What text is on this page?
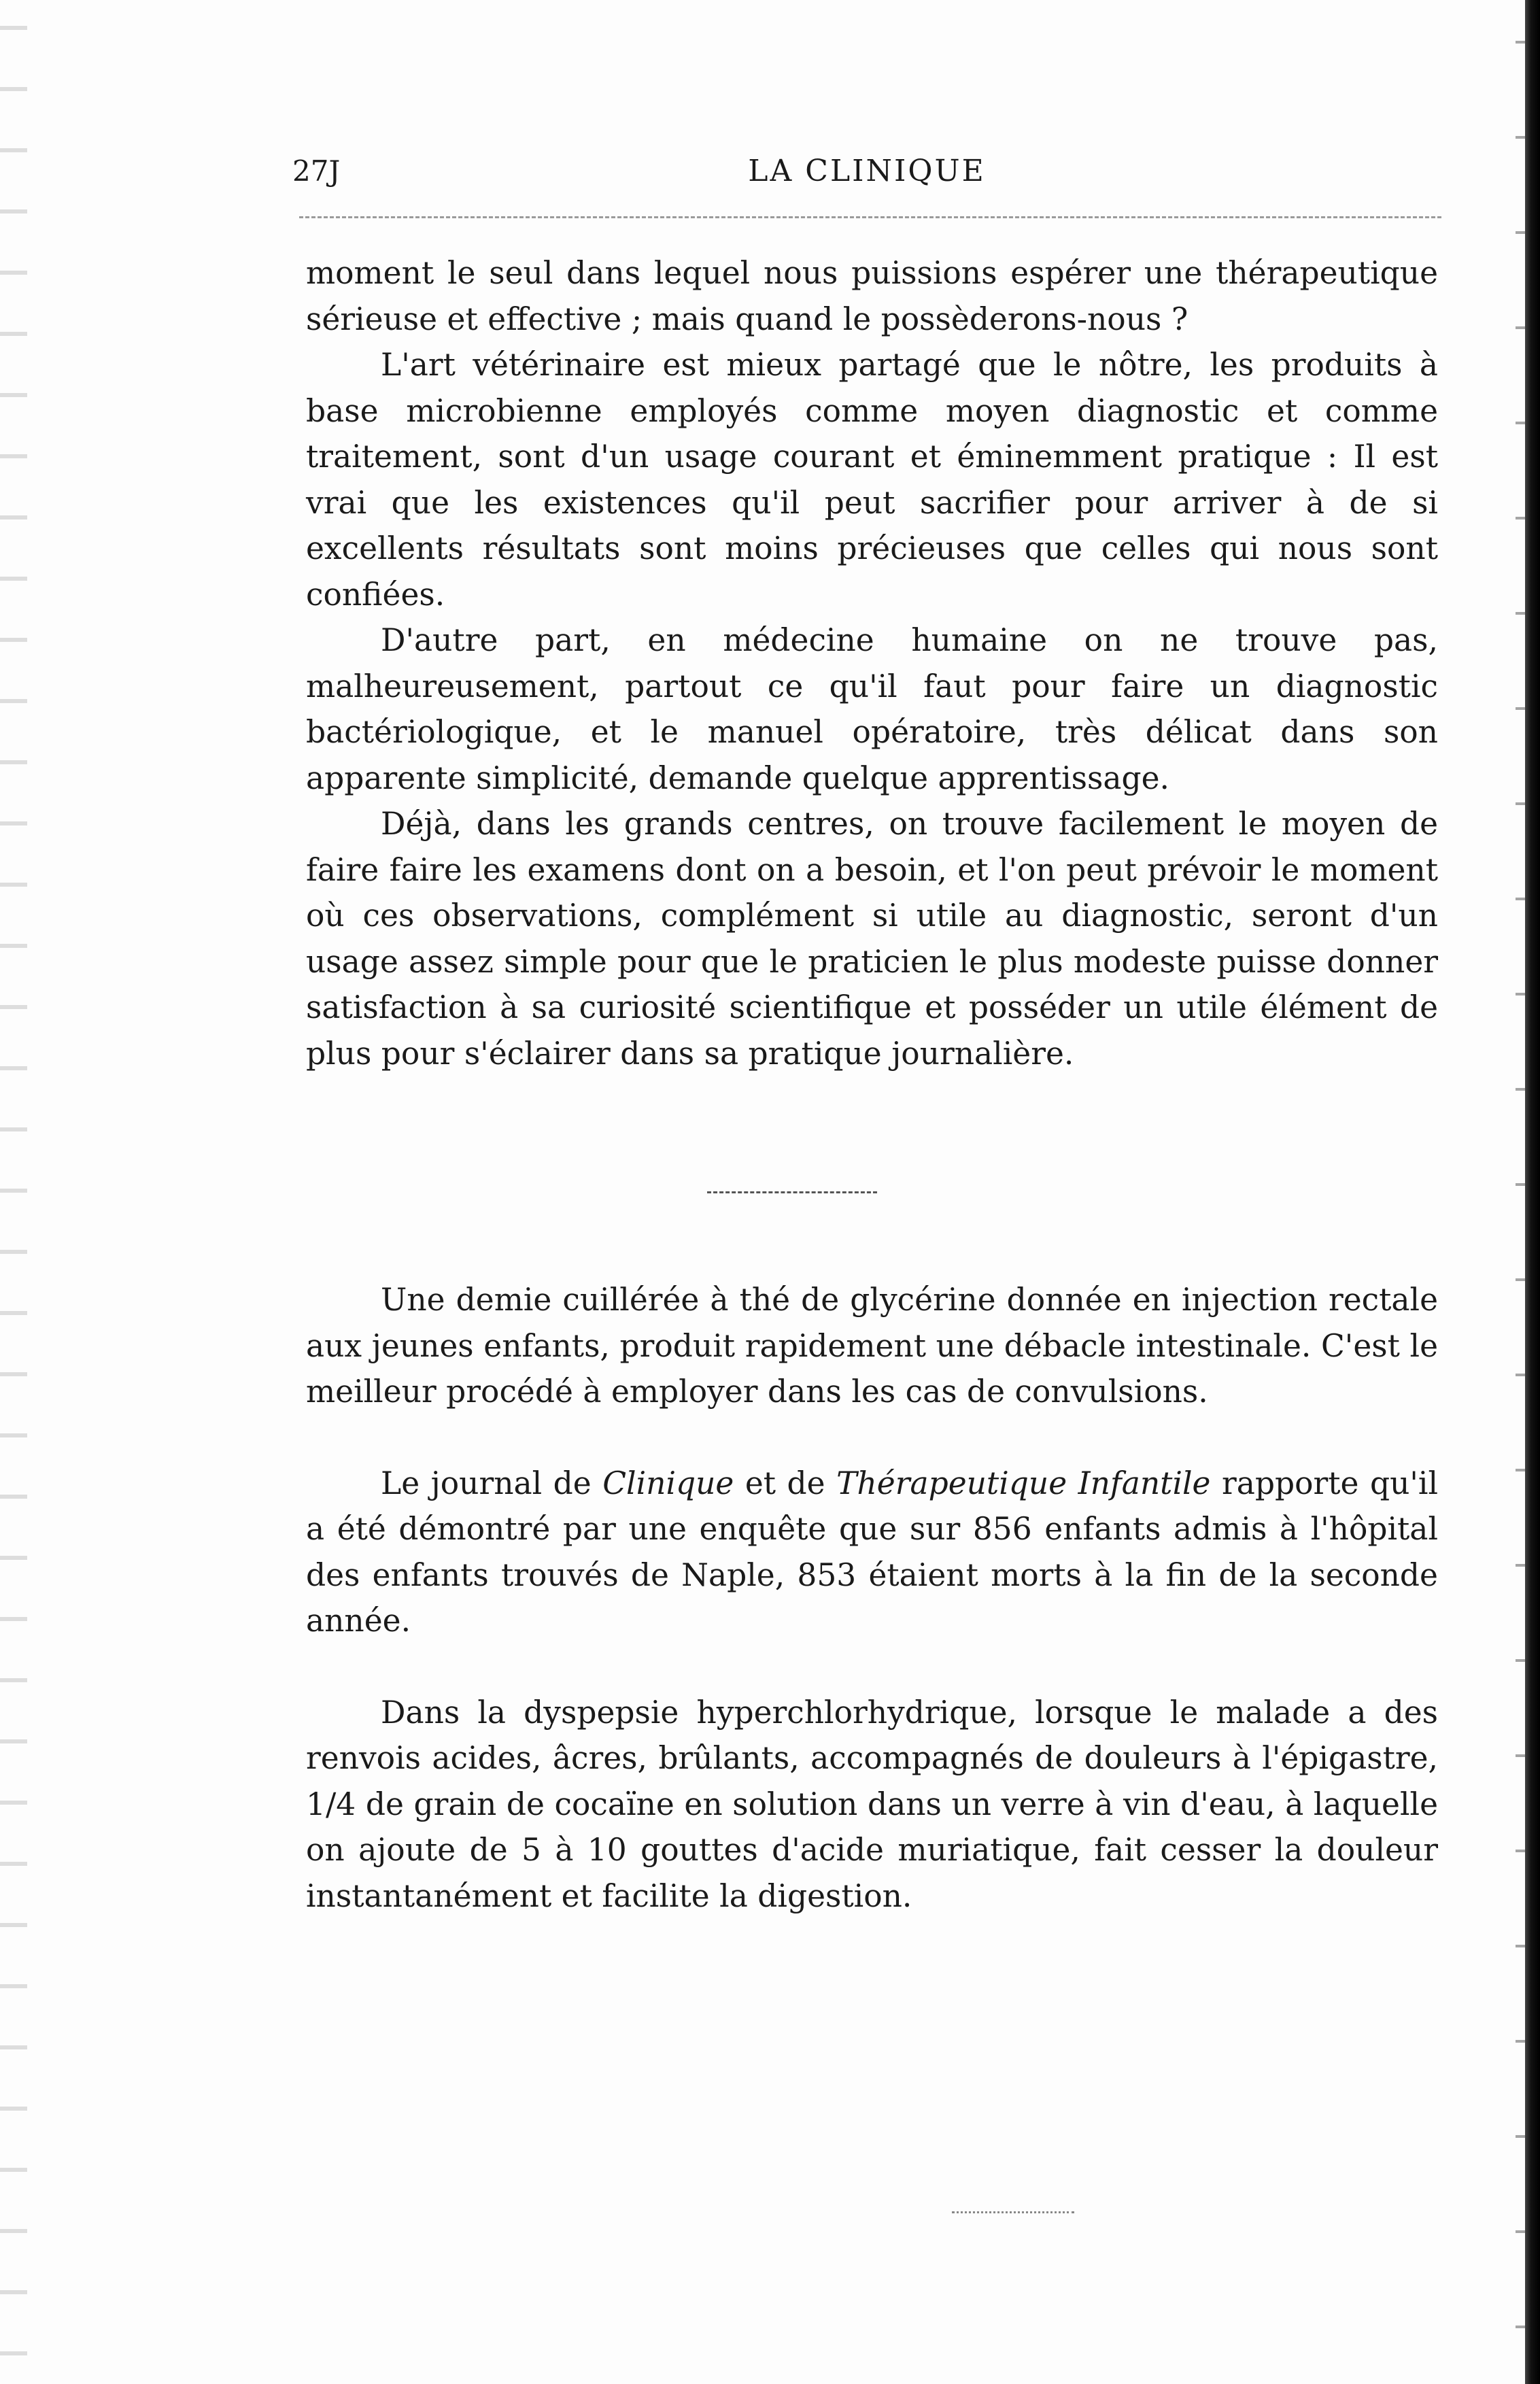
27J	LA CLINIQUE

moment le seul dans lequel nous puissions espérer une thérapeutique sérieuse et effective ; mais quand le possèderons-nous ?

L'art vétérinaire est mieux partagé que le nôtre, les produits à base microbienne employés comme moyen diagnostic et comme traitement, sont d'un usage courant et éminemment pratique : Il est vrai que les existences qu'il peut sacrifier pour arriver à de si excellents résultats sont moins précieuses que celles qui nous sont confiées.

D'autre part, en médecine humaine on ne trouve pas, malheureusement, partout ce qu'il faut pour faire un diagnostic bactériologique, et le manuel opératoire, très délicat dans son apparente simplicité, demande quelque apprentissage.

Déjà, dans les grands centres, on trouve facilement le moyen de faire faire les examens dont on a besoin, et l'on peut prévoir le moment où ces observations, complément si utile au diagnostic, seront d'un usage assez simple pour que le praticien le plus modeste puisse donner satisfaction à sa curiosité scientifique et posséder un utile élément de plus pour s'éclairer dans sa pratique journalière.

Une demie cuillérée à thé de glycérine donnée en injection rectale aux jeunes enfants, produit rapidement une débacle intestinale. C'est le meilleur procédé à employer dans les cas de convulsions.

Le journal de Clinique et de Thérapeutique Infantile rapporte qu'il a été démontré par une enquête que sur 856 enfants admis à l'hôpital des enfants trouvés de Naple, 853 étaient morts à la fin de la seconde année.

Dans la dyspepsie hyperchlorhydrique, lorsque le malade a des renvois acides, âcres, brûlants, accompagnés de douleurs à l'épigastre, 1/4 de grain de cocaïne en solution dans un verre à vin d'eau, à laquelle on ajoute de 5 à 10 gouttes d'acide muriatique, fait cesser la douleur instantanément et facilite la digestion.
